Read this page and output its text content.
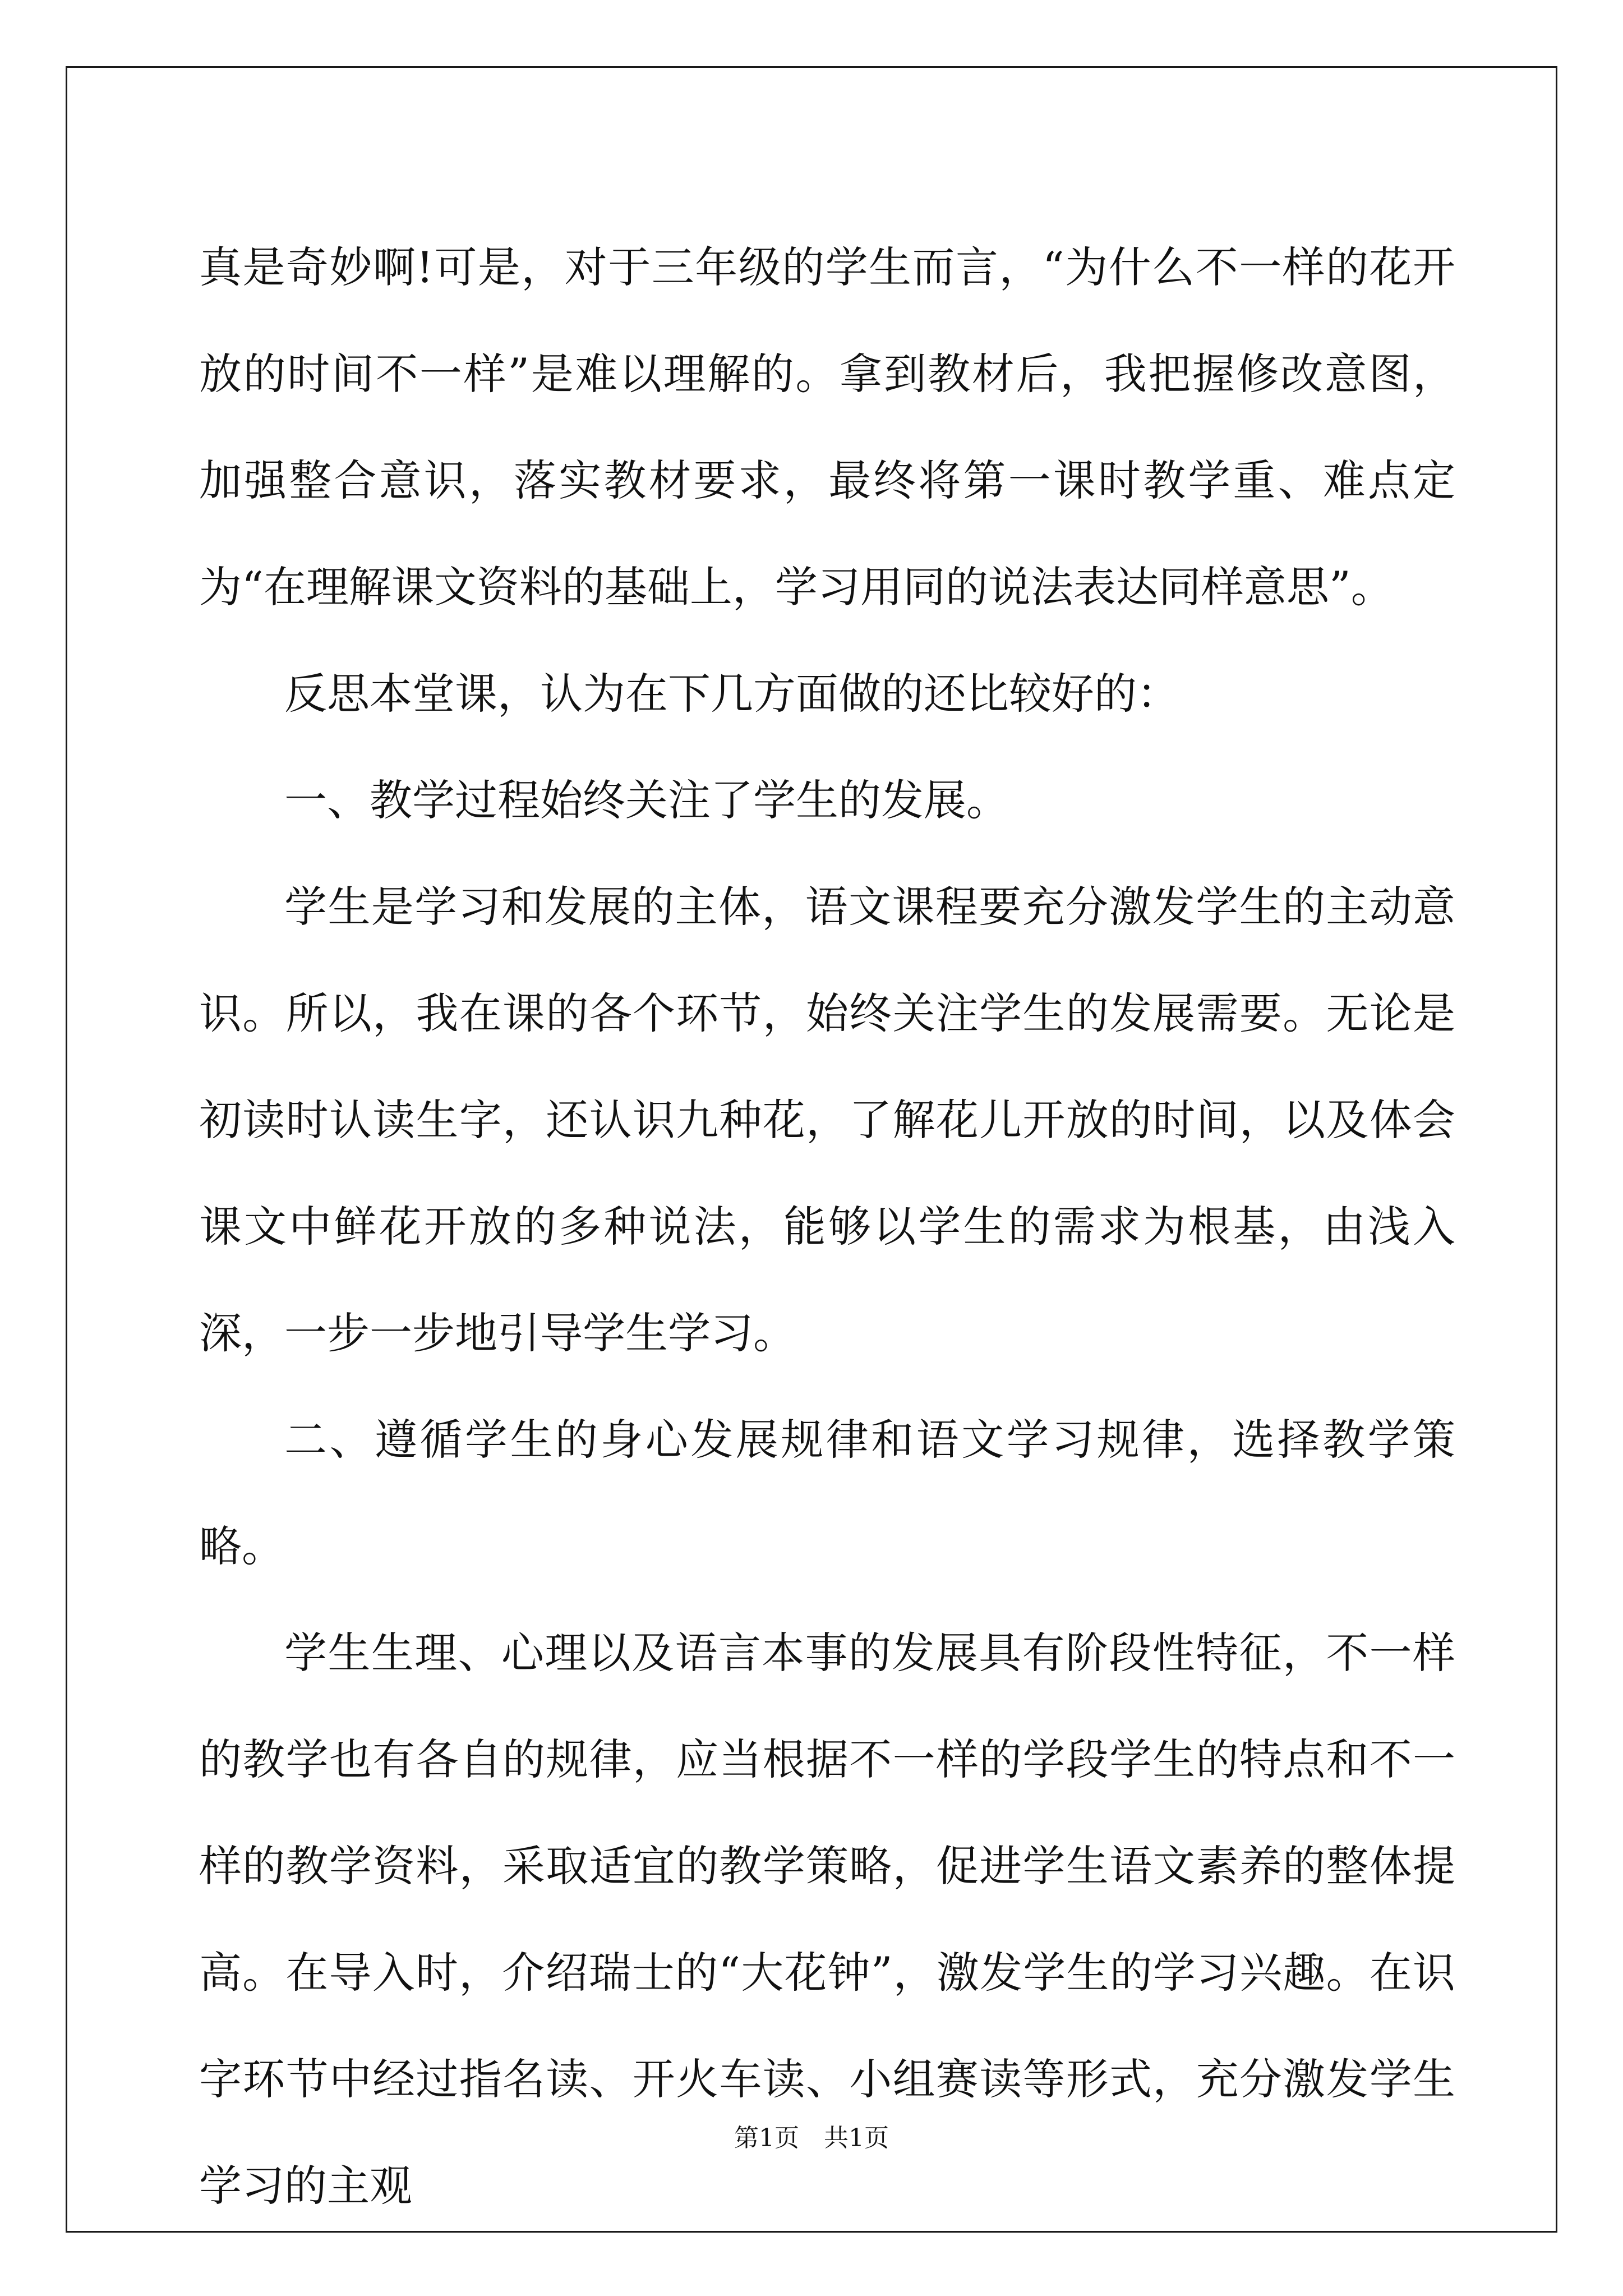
真是奇妙啊!可是，对于三年级的学生而言，“为什么不一样的花开放的时间不一样”是难以理解的。拿到教材后，我把握修改意图，加强整合意识，落实教材要求，最终将第一课时教学重、难点定为“在理解课文资料的基础上，学习用同的说法表达同样意思”。

反思本堂课，认为在下几方面做的还比较好的：

一、教学过程始终关注了学生的发展。

学生是学习和发展的主体，语文课程要充分激发学生的主动意识。所以，我在课的各个环节，始终关注学生的发展需要。无论是初读时认读生字，还认识九种花，了解花儿开放的时间，以及体会课文中鲜花开放的多种说法，能够以学生的需求为根基，由浅入深，一步一步地引导学生学习。

二、遵循学生的身心发展规律和语文学习规律，选择教学策略。

学生生理、心理以及语言本事的发展具有阶段性特征，不一样的教学也有各自的规律，应当根据不一样的学段学生的特点和不一样的教学资料，采取适宜的教学策略，促进学生语文素养的整体提高。在导入时，介绍瑞士的“大花钟”，激发学生的学习兴趣。在识字环节中经过指名读、开火车读、小组赛读等形式，充分激发学生学习的主观

第1页　共1页
